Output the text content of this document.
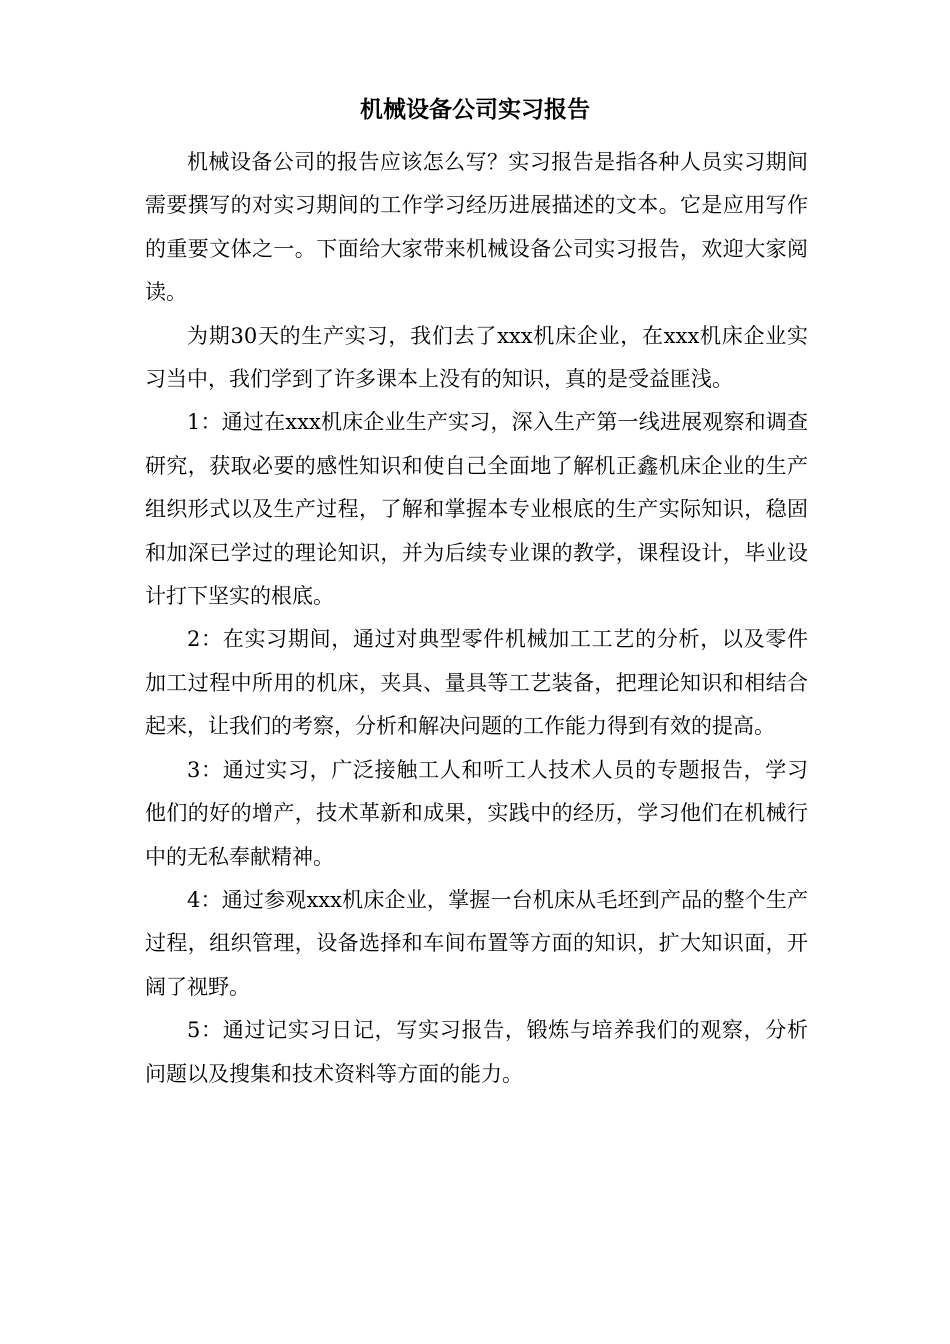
机械设备公司实习报告

机械设备公司的报告应该怎么写？实习报告是指各种人员实习期间需要撰写的对实习期间的工作学习经历进展描述的文本。它是应用写作的重要文体之一。下面给大家带来机械设备公司实习报告，欢迎大家阅读。

为期30天的生产实习，我们去了xxx机床企业，在xxx机床企业实习当中，我们学到了许多课本上没有的知识，真的是受益匪浅。

1：通过在xxx机床企业生产实习，深入生产第一线进展观察和调查研究，获取必要的感性知识和使自己全面地了解机正鑫机床企业的生产组织形式以及生产过程，了解和掌握本专业根底的生产实际知识，稳固和加深已学过的理论知识，并为后续专业课的教学，课程设计，毕业设计打下坚实的根底。

2：在实习期间，通过对典型零件机械加工工艺的分析，以及零件加工过程中所用的机床，夹具、量具等工艺装备，把理论知识和相结合起来，让我们的考察，分析和解决问题的工作能力得到有效的提高。

3：通过实习，广泛接触工人和听工人技术人员的专题报告，学习他们的好的增产，技术革新和成果，实践中的经历，学习他们在机械行中的无私奉献精神。

4：通过参观xxx机床企业，掌握一台机床从毛坯到产品的整个生产过程，组织管理，设备选择和车间布置等方面的知识，扩大知识面，开阔了视野。

5：通过记实习日记，写实习报告，锻炼与培养我们的观察，分析问题以及搜集和技术资料等方面的能力。
